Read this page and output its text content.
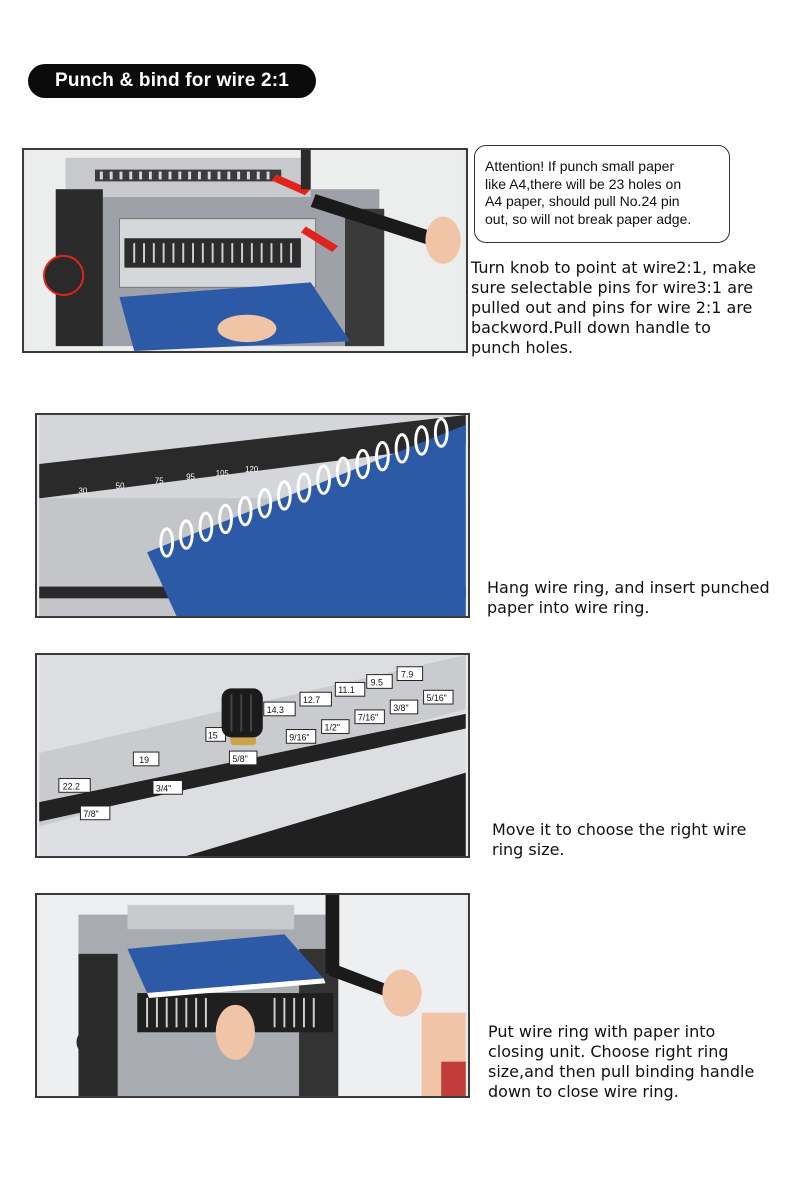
Punch & bind for wire 2:1
Attention! If punch small paper
like A4,there will be 23 holes on
A4 paper, should pull No.24 pin
out, so will not break paper adge.
Turn knob to point at wire2:1, make
sure selectable pins for wire3:1 are
pulled out and pins for wire 2:1 are
backword.Pull down handle to
punch holes.
30
50
75	95	105 120
Hang wire ring, and insert punched
paper into wire ring.
14.3
12.7
11.1
9.5
7.9
9/16"
1/2"
7/16"
3/8"
5/16"
22.2
19
15
7/8"
3/4"
5/8"
Move it to choose the right wire
ring size.
Put wire ring with paper into
closing unit. Choose right ring
size,and then pull binding handle
down to close wire ring.
